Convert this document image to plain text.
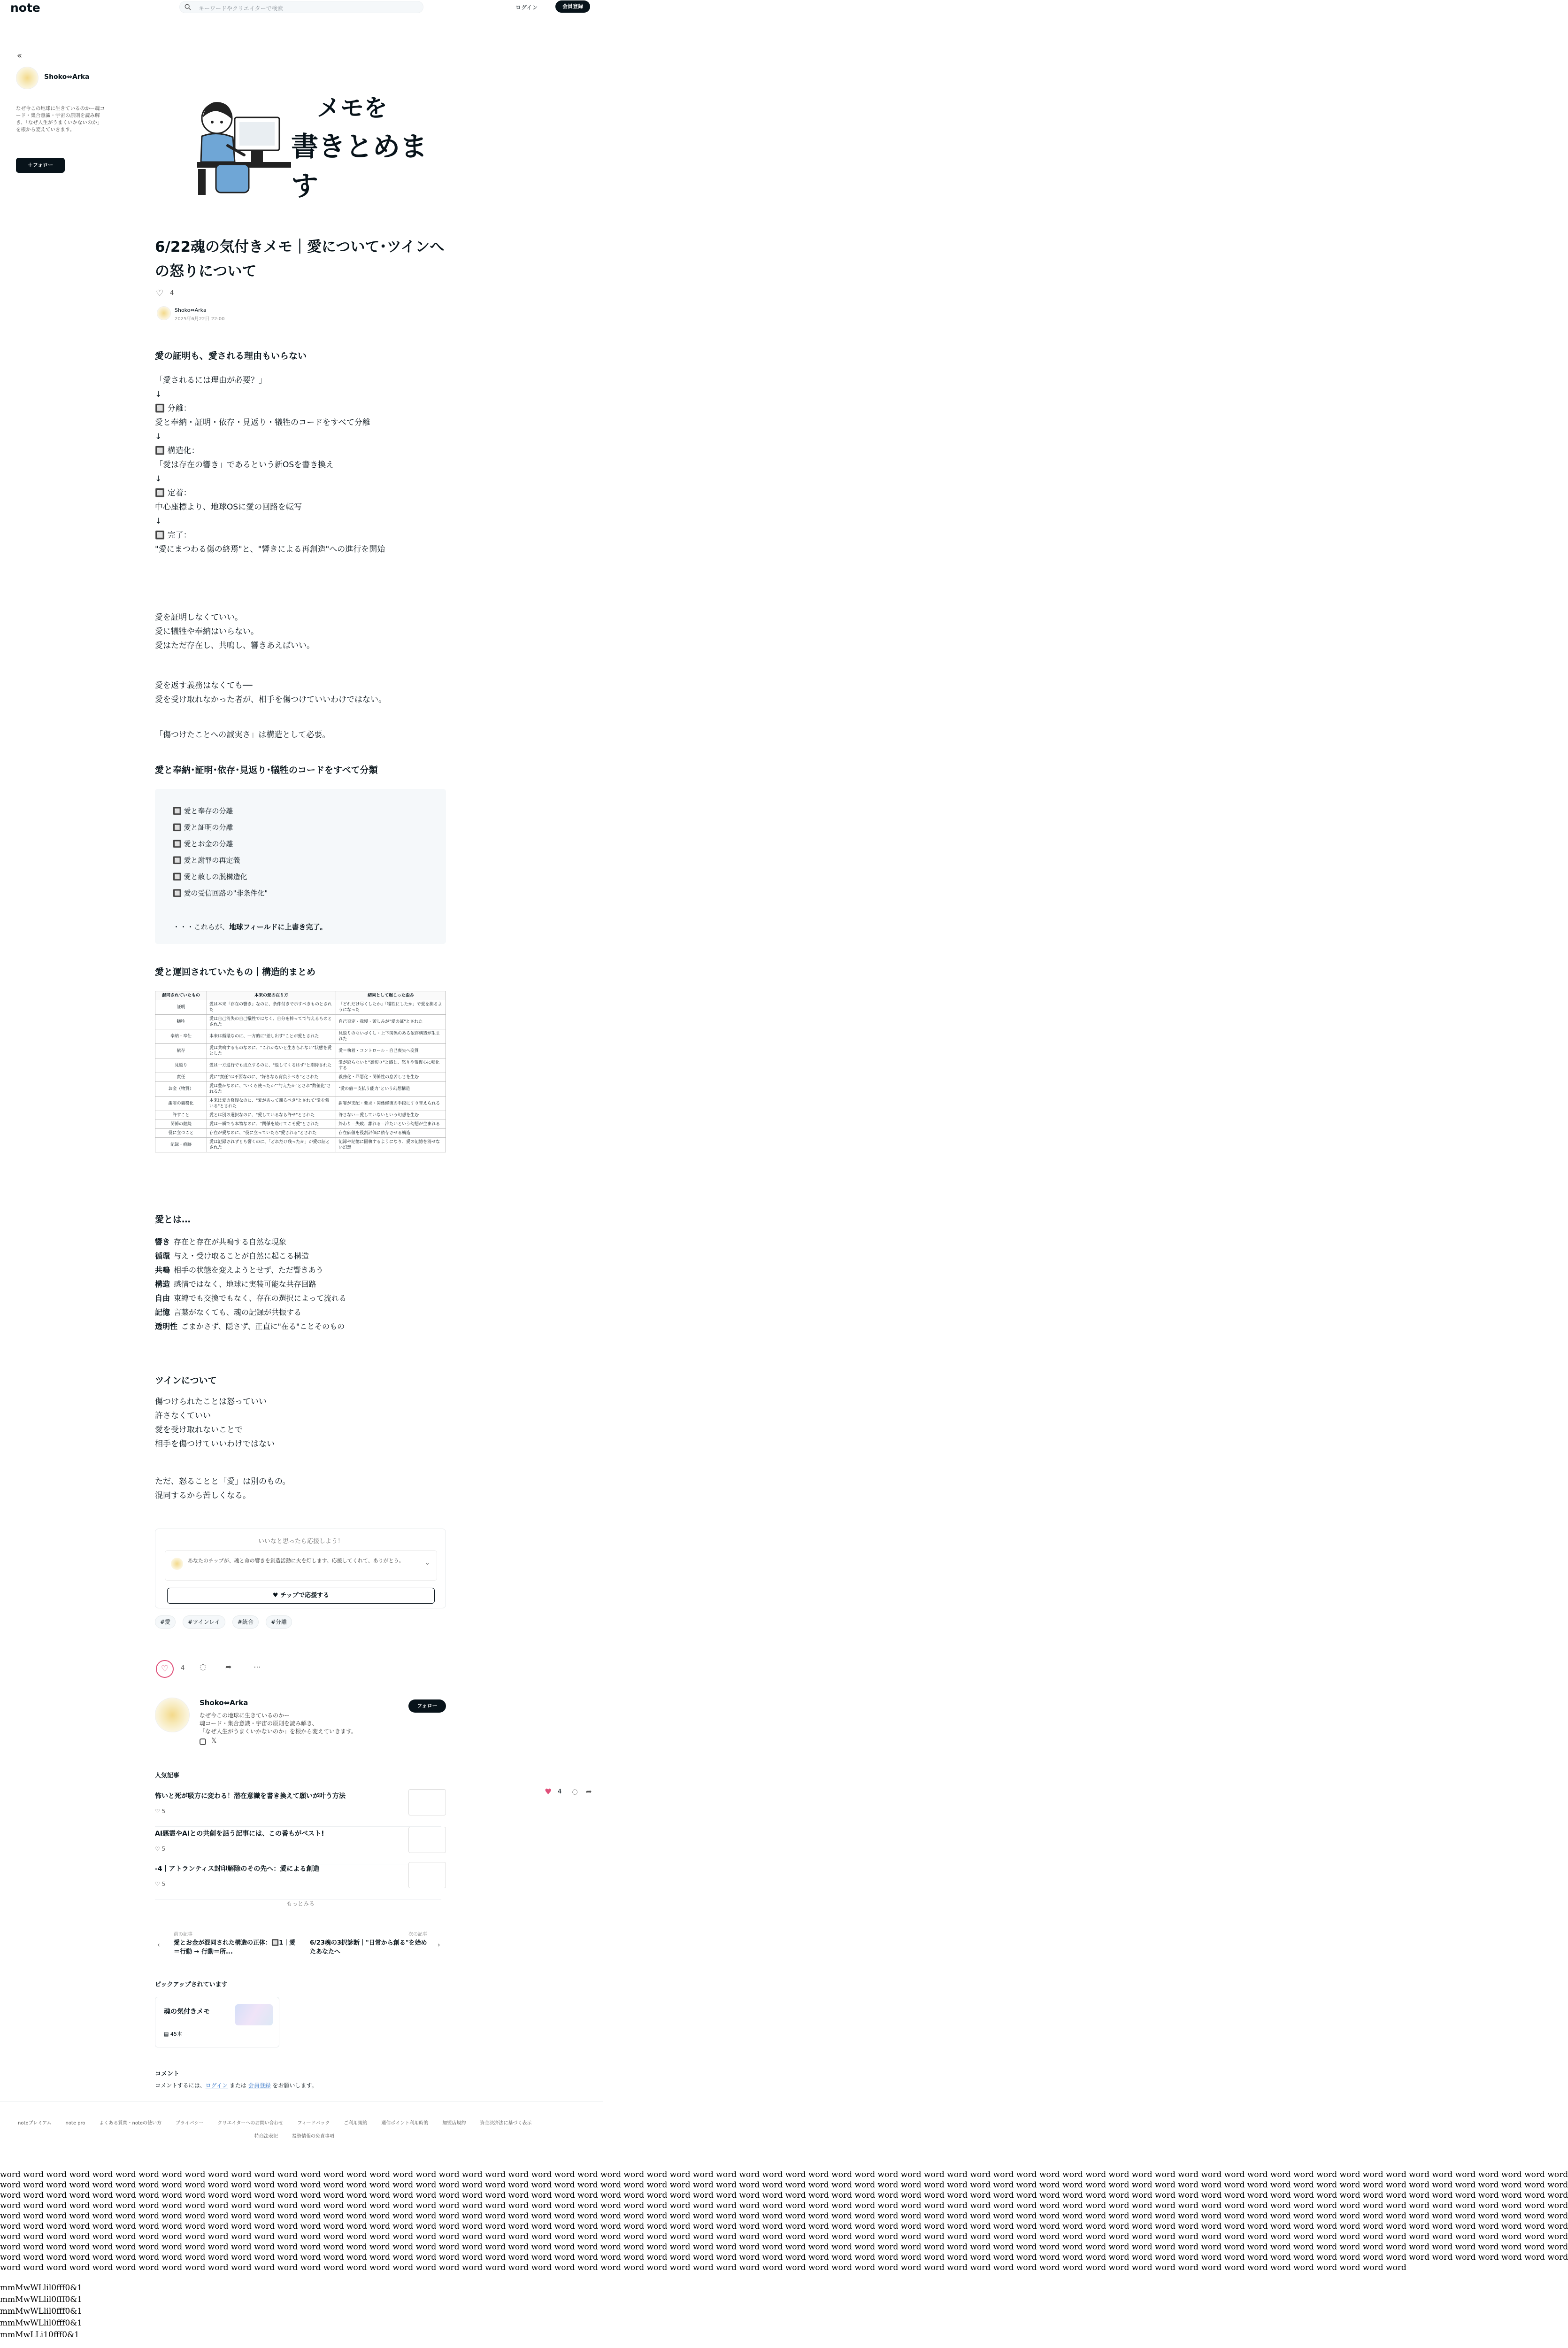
note	キーワードやクリエイターで検索	ログイン	会員登録
«
Shoko⇔Arka
なぜ今この地球に生きているのかー魂コード・集合意識・宇宙の原則を読み解き、「なぜ人生がうまくいかないのか」を根から変えていきます。
＋フォロー
メモを
書きとめます
6/22魂の気付きメモ｜愛について･ツインへの怒りについて
♡ 4
Shoko⇔Arka
2025年6月22日 22:00
愛の証明も、愛される理由もいらない
「愛されるには理由が必要？」
↓
🔲 分離：
愛と奉納・証明・依存・見返り・犠牲のコードをすべて分離
↓
🔲 構造化：
「愛は存在の響き」であるという新OSを書き換え
↓
🔲 定着：
中心座標より、地球OSに愛の回路を転写
↓
🔲 完了：
"愛にまつわる傷の終焉"と、"響きによる再創造"への進行を開始
愛を証明しなくていい。
愛に犠牲や奉納はいらない。
愛はただ存在し、共鳴し、響きあえばいい。
愛を返す義務はなくても──
愛を受け取れなかった者が、相手を傷つけていいわけではない。
「傷つけたことへの誠実さ」は構造として必要。
愛と奉納･証明･依存･見返り･犠牲のコードをすべて分類
🔲 愛と奉存の分離
🔲 愛と証明の分離
🔲 愛とお金の分離
🔲 愛と謝罪の再定義
🔲 愛と赦しの脱構造化
🔲 愛の受信回路の"非条件化"
・・・これらが、地球フィールドに上書き完了。
愛と運回されていたもの｜構造的まとめ
混同されていたもの	本来の愛の在り方	結果として起こった歪み
証明	愛は本来「存在の響き」なのに、条件付きで示すべきものとされた	「どれだけ尽くしたか」「犠牲にしたか」で愛を測るようになった
犠牲	愛は自己消失の自己犠牲ではなく、自分を捧ってで与えるものとされた	自己否定・我慢・苦しみが"愛の証"とされた
奉納・奉仕	本来は循環なのに、一方的に"差し出す"ことが愛とされた	見返りのない尽くし・上下関係のある依存構造が生まれた
依存	愛は共鳴するものなのに、"これがないと生きられない"状態を愛とした	愛＝執着・コントロール・自己喪失へ変質
見返り	愛は一方通行でも成立するのに、"返してくるはず"と期待された	愛が返らないと"裏切り"と感じ、怒りや報復心に転化する
責任	愛に"責任"は不要なのに、"好きなら背負うべき"とされた	義務化・罪悪化・関係性の息苦しさを生む
お金（物質）	愛は豊かなのに、"いくら使ったか""与えたか"とされ"数値化"されるた	"愛の値＝支払う能力"という幻想構造
謝罪の義務化	本来は愛の修復なのに、"愛があって謝るべき"とされて"愛を強いる"とされた	謝罪が支配・要求・関係修復の手段にすり替えられる
許すこと	愛とは別の選択なのに、"愛しているなら許せ"とされた	許さない＝愛していないという幻想を生む
関係の継続	愛は一瞬でも本物なのに、"関係を続けてこそ愛"とされた	終わり＝失敗、離れる＝冷たいという幻想が生まれる
役に立つこと	存在が愛なのに、"役に立っていたら"愛される"とされた	存在価値を役割評価に依存させる構造
記録・痕跡	愛は記録されずとも響くのに、「どれだけ残ったか」が愛の証とされた	記録や記憶に固執するようになり、愛の記憶を消せない幻想
愛とは…
響き 存在と存在が共鳴する自然な現象
循環 与え・受け取ることが自然に起こる構造
共鳴 相手の状態を変えようとせず、ただ響きあう
構造 感情ではなく、地球に実装可能な共存回路
自由 束縛でも交換でもなく、存在の選択によって流れる
記憶 言葉がなくても、魂の記録が共振する
透明性 ごまかさず、隠さず、正直に"在る"ことそのもの
ツインについて
傷つけられたことは怒っていい
許さなくていい
愛を受け取れないことで
相手を傷つけていいわけではない
ただ、怒ることと「愛」は別のもの。
混同するから苦しくなる。
いいなと思ったら応援しよう！
あなたのチップが、魂と命の響きを創造活動に火を灯します。応援してくれて、ありがとう。	⌄
♥ チップで応援する
#愛	#ツインレイ	#統合	#分離
♡	4 ◌	➦	⋯
♥ 4 ◌ ➦
Shoko⇔Arka
なぜ今この地球に生きているのかー
魂コード・集合意識・宇宙の原則を読み解き、
「なぜ人生がうまくいかないのか」を根から変えていきます。
𝕏
フォロー
人気記事
怖いと死が吸方に変わる！潜在意識を書き換えて願いが叶う方法
♡ 5
AI悪霊やAIとの共創を話う記事には、この番もがベスト!
♡ 5
-4｜アトランティス封印解除のその先へ：愛による創造
♡ 5
もっとみる
‹
前の記事
愛とお金が混同された構造の正体：🔲1｜愛＝行動 → 行動＝所...
次の記事
6/23魂の3択診断｜"日常から創る"を始めたあなたへ
›
ピックアップされています
魂の気付きメモ
▤ 45本
コメント
コメントするには、ログイン または 会員登録 をお願いします。
noteプレミアム	note pro	よくある質問・noteの使い方	プライバシー	クリエイターへのお問い合わせ	フィードバック	ご利用規約	通信ポイント利用時的	加盟店規約	資金決済法に基づく表示
特商法表記	投資情報の免責事項
word word word word word word word word word word word word word word word word word word word word word word word word word word word word word word word word word word word word word word word word word word word word word word word word word word word word word word word word word word word word word word word word word word word word
word word word word word word word word word word word word word word word word word word word word word word word word word word word word word word word word word word word word word word word word word word word word word word word word word word word word word word word word word word word word word word word word word word word word
word word word word word word word word word word word word word word word word word word word word word word word word word word word word word word word word word word word word word word word word word word word word word word word word word word word word word word word word word word word word word word word word word word word word
word word word word word word word word word word word word word word word word word word word word word word word word word word word word word word word word word word word word word word word word word word word word word word word word word word word word word word word word word word word word word word word word word word word word
word word word word word word word word word word word word word word word word word word word word word word word word word word word word word word word word word word word word word word word word word word word word word word word word word word word word word word word word word word word word word word word word word word word word
word word word word word word word word word word word word word word word word word word word word word word word word word word word word word word word word word word word word word word word word word word word word word word word word word word word word word word word word word word word word word word word word word word word word
word word word word word word word word word word word word word word word word word word word word word word word word word word word word word word word word word word word word word word word word word word word word word word word word word word word word word word word word word word word word word word word word word word word word
word word word word word word word word word word word word word word word word word word word word word word word word word word word word word word word word word word word word word word word word word word word word word word word word word word word word word word word word word word word word word word word word word word word word
word word word word word word word word word word word word word word word word word word word word word word word word word word word word word word word word word word word word word word word word word word word word word word word word word word word word word word word word word word word word word word word word word word word word
word word word word word word word word word word word word word word word word word word word word word word word word word word word word word word word word word word word word word word word word word word word word word word word word word word word word word word word word word word word word word
mmMwWLlil0fff0&1
mmMwWLlil0fff0&1
mmMwWLlil0fff0&1
mmMwWLlil0fff0&1
mmMwLLi10fff0&1
